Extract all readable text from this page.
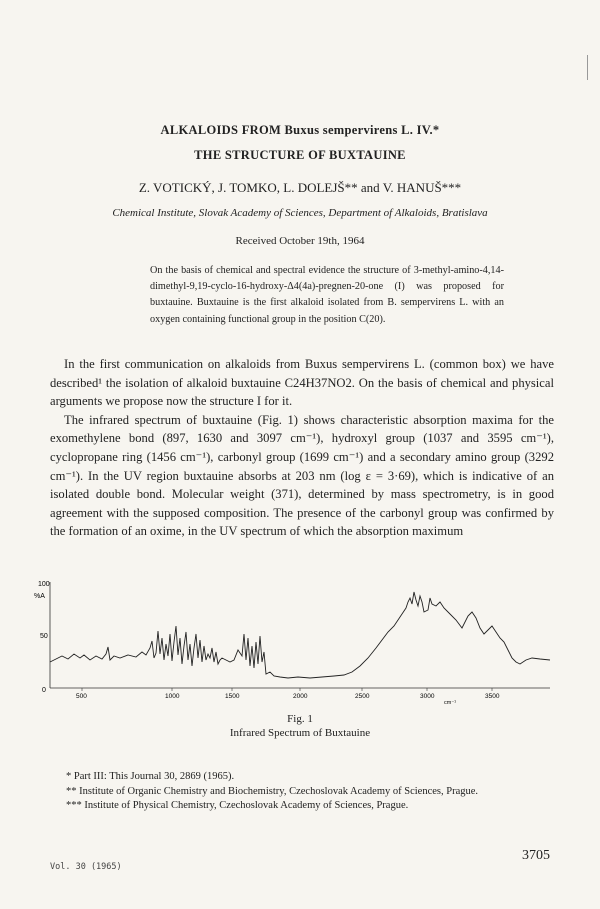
ALKALOIDS FROM Buxus sempervirens L. IV.*
THE STRUCTURE OF BUXTAUINE
Z. VOTICKÝ, J. TOMKO, L. DOLEJŠ** and V. HANUŠ***
Chemical Institute, Slovak Academy of Sciences, Department of Alkaloids, Bratislava
Received October 19th, 1964
On the basis of chemical and spectral evidence the structure of 3-methyl-amino-4,14-dimethyl-9,19-cyclo-16-hydroxy-Δ4(4a)-pregnen-20-one (I) was proposed for buxtauine. Buxtauine is the first alkaloid isolated from B. sempervirens L. with an oxygen containing functional group in the position C(20).

In the first communication on alkaloids from Buxus sempervirens L. (common box) we have described¹ the isolation of alkaloid buxtauine C24H37NO2. On the basis of chemical and physical arguments we propose now the structure I for it.

The infrared spectrum of buxtauine (Fig. 1) shows characteristic absorption maxima for the exomethylene bond (897, 1630 and 3097 cm⁻¹), hydroxyl group (1037 and 3595 cm⁻¹), cyclopropane ring (1456 cm⁻¹), carbonyl group (1699 cm⁻¹) and a secondary amino group (3292 cm⁻¹). In the UV region buxtauine absorbs at 203 nm (log ε = 3·69), which is indicative of an isolated double bond. Molecular weight (371), determined by mass spectrometry, is in good agreement with the supposed composition. The presence of the carbonyl group was confirmed by the formation of an oxime, in the UV spectrum of which the absorption maximum

100
%A
50
0
500	1000	1500	2000	2500	3000	3500
cm⁻¹
Fig. 1
Infrared Spectrum of Buxtauine
* Part III: This Journal 30, 2869 (1965).
** Institute of Organic Chemistry and Biochemistry, Czechoslovak Academy of Sciences, Prague.
*** Institute of Physical Chemistry, Czechoslovak Academy of Sciences, Prague.
Vol. 30 (1965)
3705
